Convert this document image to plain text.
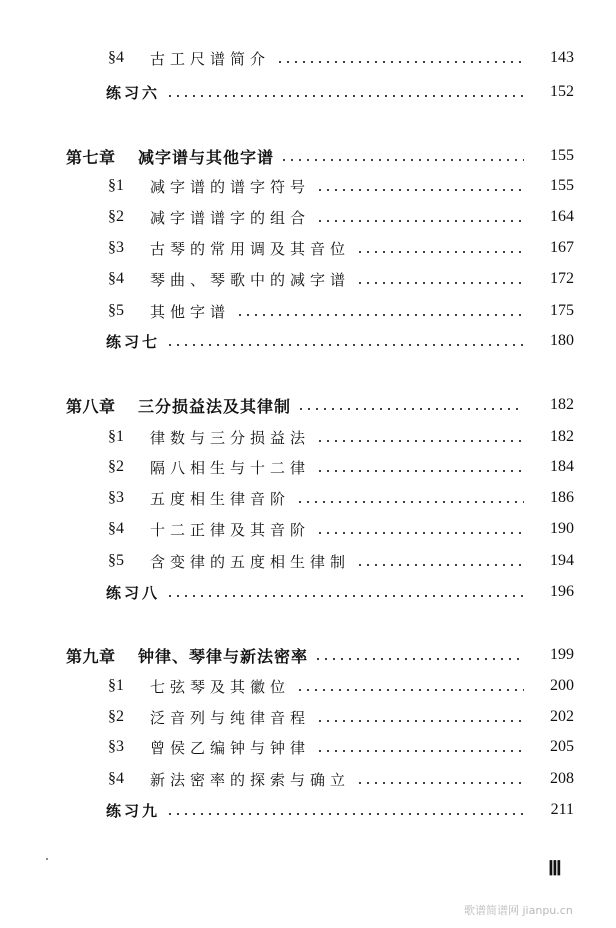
§4	古工尺谱简介	143
练习六	152
第七章	减字谱与其他字谱	155
§1	减字谱的谱字符号	155
§2	减字谱谱字的组合	164
§3	古琴的常用调及其音位	167
§4	琴曲、琴歌中的减字谱	172
§5	其他字谱	175
练习七	180
第八章	三分损益法及其律制	182
§1	律数与三分损益法	182
§2	隔八相生与十二律	184
§3	五度相生律音阶	186
§4	十二正律及其音阶	190
§5	含变律的五度相生律制	194
练习八	196
第九章	钟律、琴律与新法密率	199
§1	七弦琴及其徽位	200
§2	泛音列与纯律音程	202
§3	曾侯乙编钟与钟律	205
§4	新法密率的探索与确立	208
练习九	211
Ⅲ
歌谱简谱网 jianpu.cn
